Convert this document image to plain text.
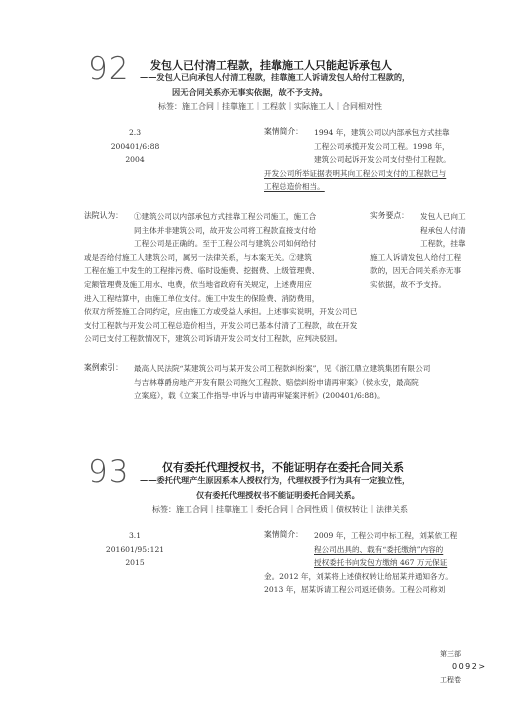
92 发包人已付清工程款，挂靠施工人只能起诉承包人
——发包人已向承包人付清工程款，挂靠施工人诉请发包人给付工程款的，
因无合同关系亦无事实依据，故不予支持。
标签：施工合同｜挂靠施工｜工程款｜实际施工人｜合同相对性
2.3
200401/6:88
2004
案情简介：	1994 年，建筑公司以内部承包方式挂靠
工程公司承揽开发公司工程。1998 年，
建筑公司起诉开发公司支付垫付工程款。
开发公司所举证据表明其向工程公司支付的工程款已与
工程总造价相当。
法院认为：	①建筑公司以内部承包方式挂靠工程公司施工，施工合
同主体并非建筑公司，故开发公司将工程款直接支付给
工程公司是正确的。至于工程公司与建筑公司如何给付
或是否给付施工人建筑公司，属另一法律关系，与本案无关。②建筑
工程在施工中发生的工程排污费、临时设施费、挖掘费、上级管理费、
定额管理费及施工用水、电费，依当地省政府有关规定，上述费用应
进入工程结算中，由施工单位支付。施工中发生的保险费、消防费用，
依双方所签施工合同约定，应由施工方或受益人承担。上述事实说明，开发公司已
支付工程款与开发公司工程总造价相当，开发公司已基本付清了工程款，故在开发
公司已支付工程款情况下，建筑公司诉请开发公司支付工程款，应判决驳回。
实务要点：	发包人已向工
程承包人付清
工程款，挂靠
施工人诉请发包人给付工程
款的，因无合同关系亦无事
实依据，故不予支持。
案例索引： 最高人民法院“某建筑公司与某开发公司工程款纠纷案”，见《浙江鼎立建筑集团有限公司
与吉林尊爵房地产开发有限公司拖欠工程款、赔偿纠纷申请再审案》（侯永安，最高院
立案庭），载《立案工作指导·申诉与申请再审疑案评析》(200401/6:88)。
93	仅有委托代理授权书，不能证明存在委托合同关系
——委托代理产生原因系本人授权行为，代理权授予行为具有一定独立性，
仅有委托代理授权书不能证明委托合同关系。
标签：施工合同｜挂靠施工｜委托合同｜合同性质｜债权转让｜法律关系
3.1
201601/95:121
2015
案情简介：	2009 年，工程公司中标工程，刘某依工程
程公司出具的、载有“委托缴纳”内容的
授权委托书向发包方缴纳 467 万元保证
金。2012 年，刘某将上述债权转让给屈某并通知各方。
2013 年，屈某诉请工程公司返还债务。工程公司称刘
第三部
0092>
工程卷
